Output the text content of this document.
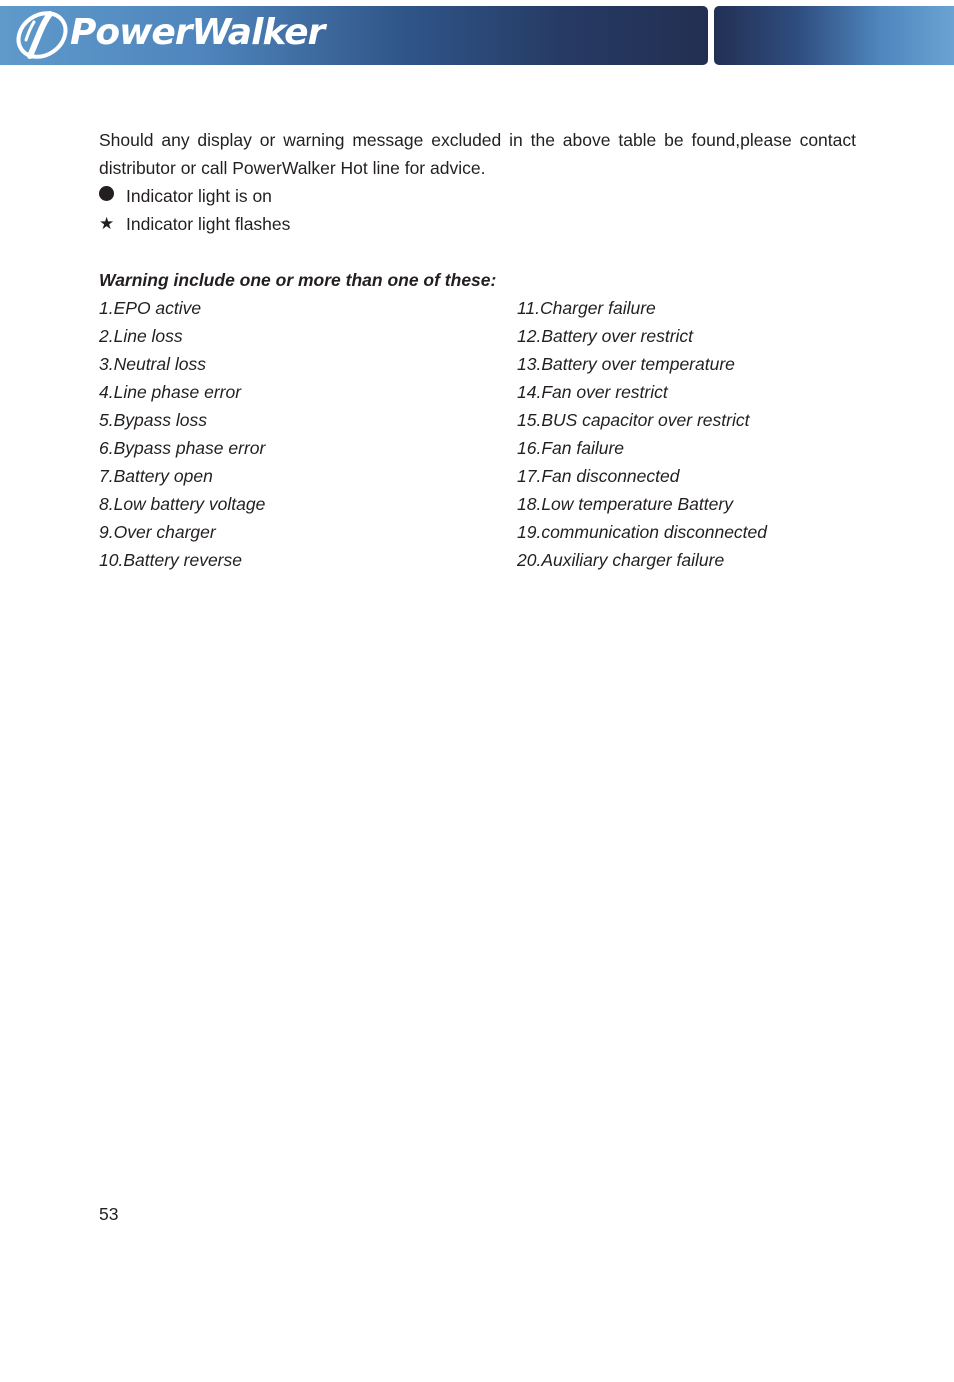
PowerWalker

Should any display or warning message excluded in the above table be found,please contact distributor or call PowerWalker Hot line for advice.

Indicator light is on
★ Indicator light flashes
Warning include one or more than one of these:
1.EPO active
2.Line loss
3.Neutral loss
4.Line phase error
5.Bypass loss
6.Bypass phase error
7.Battery open
8.Low battery voltage
9.Over charger
10.Battery reverse
11.Charger failure
12.Battery over restrict
13.Battery over temperature
14.Fan over restrict
15.BUS capacitor over restrict
16.Fan failure
17.Fan disconnected
18.Low temperature Battery
19.communication disconnected
20.Auxiliary charger failure
53
